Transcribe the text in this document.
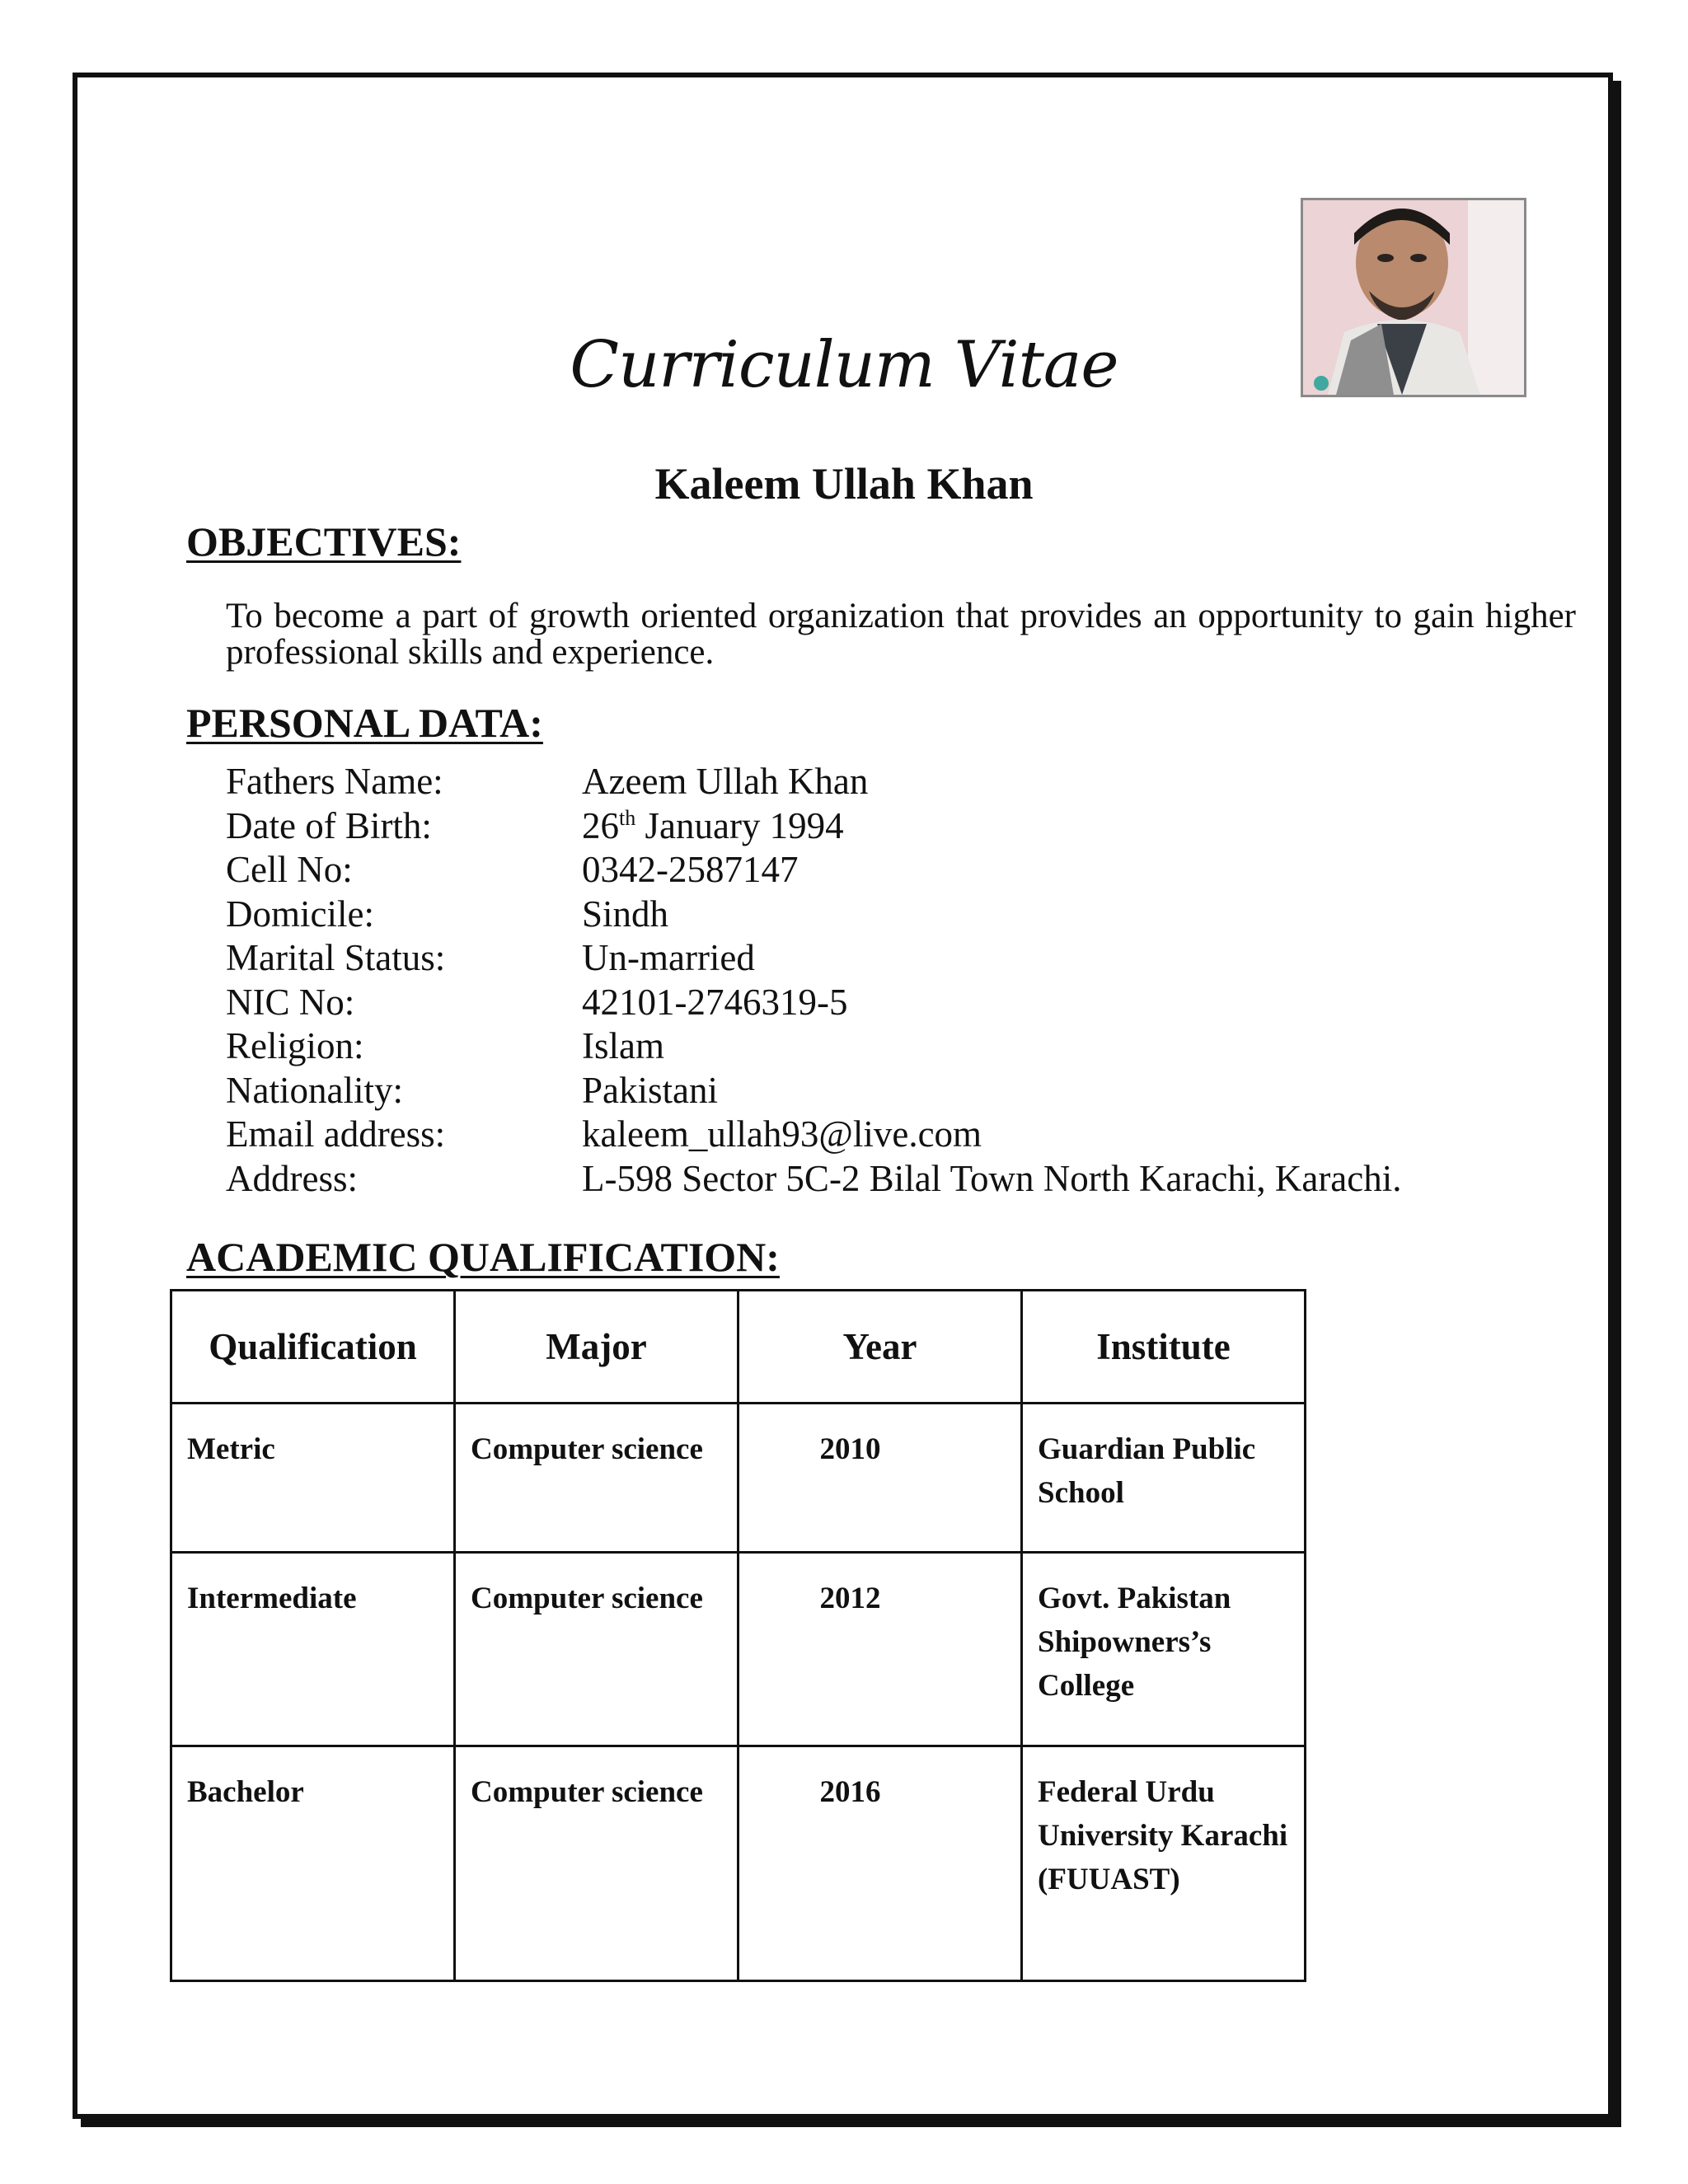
Curriculum Vitae
Kaleem Ullah Khan
OBJECTIVES:

To become a part of growth oriented organization that provides an opportunity to gain higher professional skills and experience.

PERSONAL DATA:
Fathers Name:	Azeem Ullah Khan
Date of Birth:	26th January 1994
Cell No:	0342-2587147
Domicile:	Sindh
Marital Status:	Un-married
NIC No:	42101-2746319-5
Religion:	Islam
Nationality:	Pakistani
Email address:	kaleem_ullah93@live.com
Address:	L-598 Sector 5C-2 Bilal Town North Karachi, Karachi.
ACADEMIC QUALIFICATION:
Qualification	Major	Year	Institute
Metric	Computer science	2010	Guardian Public School
Intermediate	Computer science	2012	Govt. Pakistan Shipowners’s College
Bachelor	Computer science	2016	Federal Urdu University Karachi (FUUAST)
